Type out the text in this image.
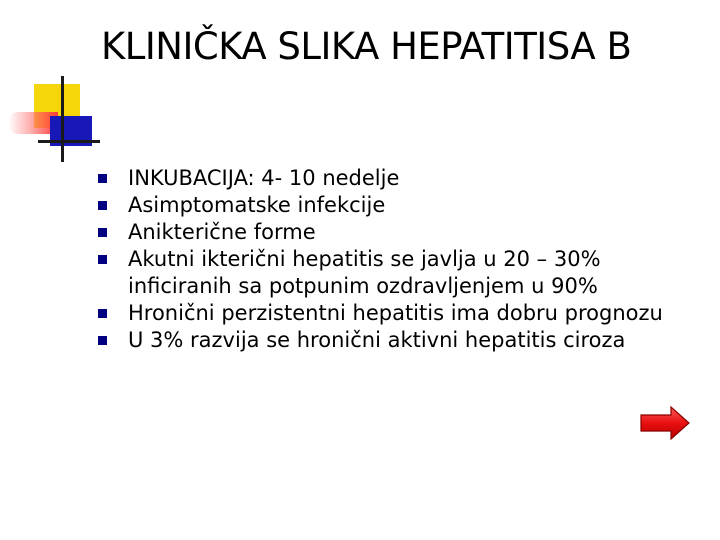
KLINIČKA SLIKA HEPATITISA B
INKUBACIJA: 4- 10 nedelje
Asimptomatske infekcije
Anikterične forme
Akutni ikterični hepatitis se javlja u 20 – 30% inficiranih sa potpunim ozdravljenjem u 90%
Hronični perzistentni hepatitis ima dobru prognozu
U 3% razvija se hronični aktivni hepatitis ciroza
